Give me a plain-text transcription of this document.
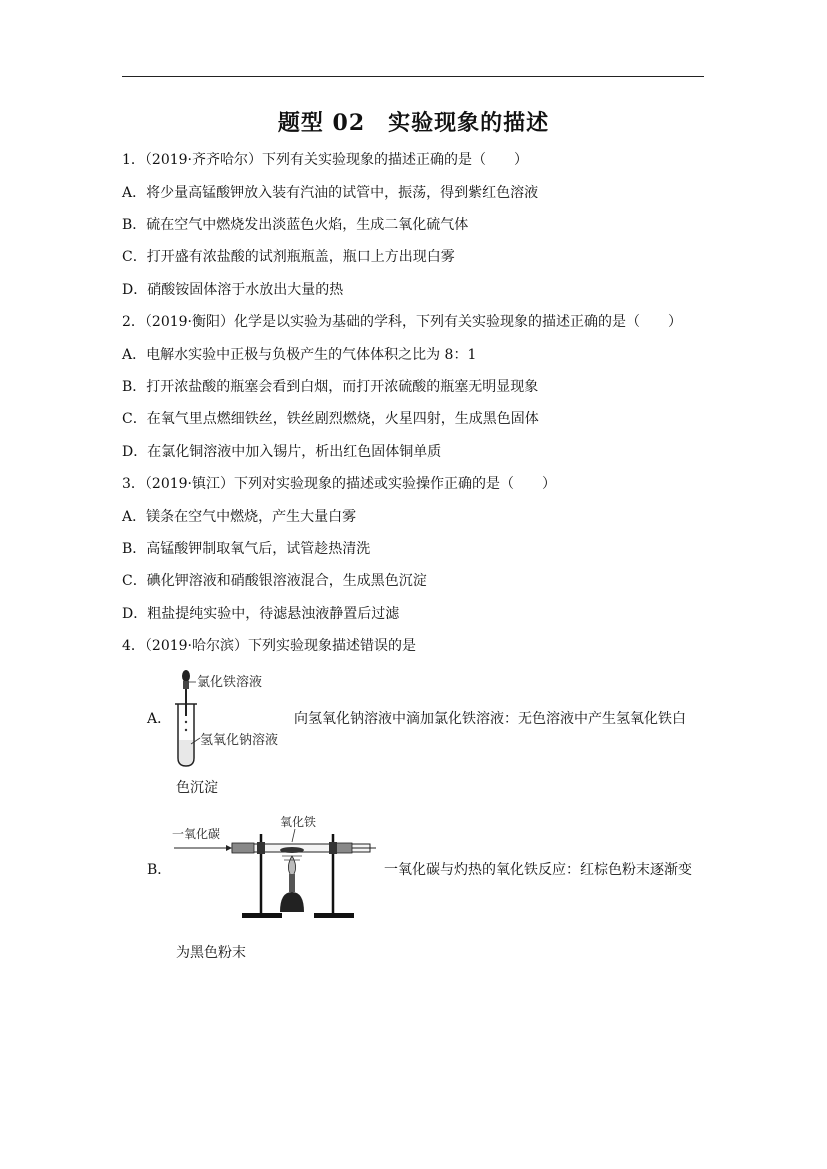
题型 02　实验现象的描述
1．（2019·齐齐哈尔）下列有关实验现象的描述正确的是（　　）
A．将少量高锰酸钾放入装有汽油的试管中，振荡，得到紫红色溶液
B．硫在空气中燃烧发出淡蓝色火焰，生成二氧化硫气体
C．打开盛有浓盐酸的试剂瓶瓶盖，瓶口上方出现白雾
D．硝酸铵固体溶于水放出大量的热
2．（2019·衡阳）化学是以实验为基础的学科，下列有关实验现象的描述正确的是（　　）
A．电解水实验中正极与负极产生的气体体积之比为 8：1
B．打开浓盐酸的瓶塞会看到白烟，而打开浓硫酸的瓶塞无明显现象
C．在氧气里点燃细铁丝，铁丝剧烈燃烧，火星四射，生成黑色固体
D．在氯化铜溶液中加入锡片，析出红色固体铜单质
3．（2019·镇江）下列对实验现象的描述或实验操作正确的是（　　）
A．镁条在空气中燃烧，产生大量白雾
B．高锰酸钾制取氧气后，试管趁热清洗
C．碘化钾溶液和硝酸银溶液混合，生成黑色沉淀
D．粗盐提纯实验中，待滤悬浊液静置后过滤
4．（2019·哈尔滨）下列实验现象描述错误的是
A．
氯化铁溶液
氢氧化钠溶液
向氢氧化钠溶液中滴加氯化铁溶液：无色溶液中产生氢氧化铁白
色沉淀
B．
一氧化碳
氧化铁
一氧化碳与灼热的氧化铁反应：红棕色粉末逐渐变
为黑色粉末
